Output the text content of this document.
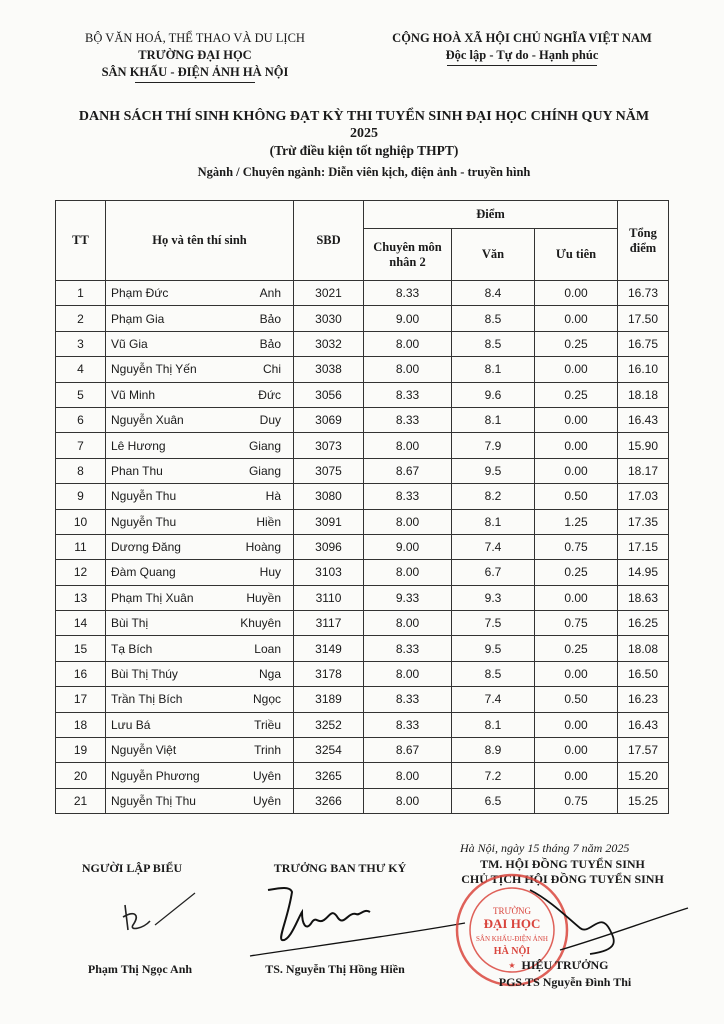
BỘ VĂN HOÁ, THỂ THAO VÀ DU LỊCH
TRƯỜNG ĐẠI HỌC
SÂN KHẤU - ĐIỆN ẢNH HÀ NỘI
CỘNG HOÀ XÃ HỘI CHỦ NGHĨA VIỆT NAM
Độc lập - Tự do - Hạnh phúc
DANH SÁCH THÍ SINH KHÔNG ĐẠT KỲ THI TUYỂN SINH ĐẠI HỌC CHÍNH QUY NĂM
2025
(Trừ điều kiện tốt nghiệp THPT)
Ngành / Chuyên ngành: Diễn viên kịch, điện ảnh - truyền hình
TT	Họ và tên thí sinh	SBD	Điểm			Tổng điểm
			Chuyên môn nhân 2	Văn	Ưu tiên	
1	Phạm Đức Anh	3021	8.33	8.4	0.00	16.73
2	Phạm Gia Bảo	3030	9.00	8.5	0.00	17.50
3	Vũ Gia Bảo	3032	8.00	8.5	0.25	16.75
4	Nguyễn Thị Yến Chi	3038	8.00	8.1	0.00	16.10
5	Vũ Minh Đức	3056	8.33	9.6	0.25	18.18
6	Nguyễn Xuân Duy	3069	8.33	8.1	0.00	16.43
7	Lê Hương Giang	3073	8.00	7.9	0.00	15.90
8	Phan Thu Giang	3075	8.67	9.5	0.00	18.17
9	Nguyễn Thu Hà	3080	8.33	8.2	0.50	17.03
10	Nguyễn Thu Hiền	3091	8.00	8.1	1.25	17.35
11	Dương Đăng Hoàng	3096	9.00	7.4	0.75	17.15
12	Đàm Quang Huy	3103	8.00	6.7	0.25	14.95
13	Phạm Thị Xuân Huyền	3110	9.33	9.3	0.00	18.63
14	Bùi Thị Khuyên	3117	8.00	7.5	0.75	16.25
15	Tạ Bích Loan	3149	8.33	9.5	0.25	18.08
16	Bùi Thị Thúy Nga	3178	8.00	8.5	0.00	16.50
17	Trần Thị Bích Ngọc	3189	8.33	7.4	0.50	16.23
18	Lưu Bá Triều	3252	8.33	8.1	0.00	16.43
19	Nguyễn Việt Trinh	3254	8.67	8.9	0.00	17.57
20	Nguyễn Phương Uyên	3265	8.00	7.2	0.00	15.20
21	Nguyễn Thị Thu Uyên	3266	8.00	6.5	0.75	15.25
Hà Nội, ngày 15 tháng 7 năm 2025
NGƯỜI LẬP BIỂU	TRƯỞNG BAN THƯ KÝ	TM. HỘI ĐỒNG TUYỂN SINH
CHỦ TỊCH HỘI ĐỒNG TUYỂN SINH
TRƯỜNG
ĐẠI HỌC
SÂN KHẤU-ĐIỆN ẢNH
HÀ NỘI
★
Phạm Thị Ngọc Anh	TS. Nguyễn Thị Hồng Hiền	HIỆU TRƯỞNG
PGS.TS Nguyễn Đình Thi
